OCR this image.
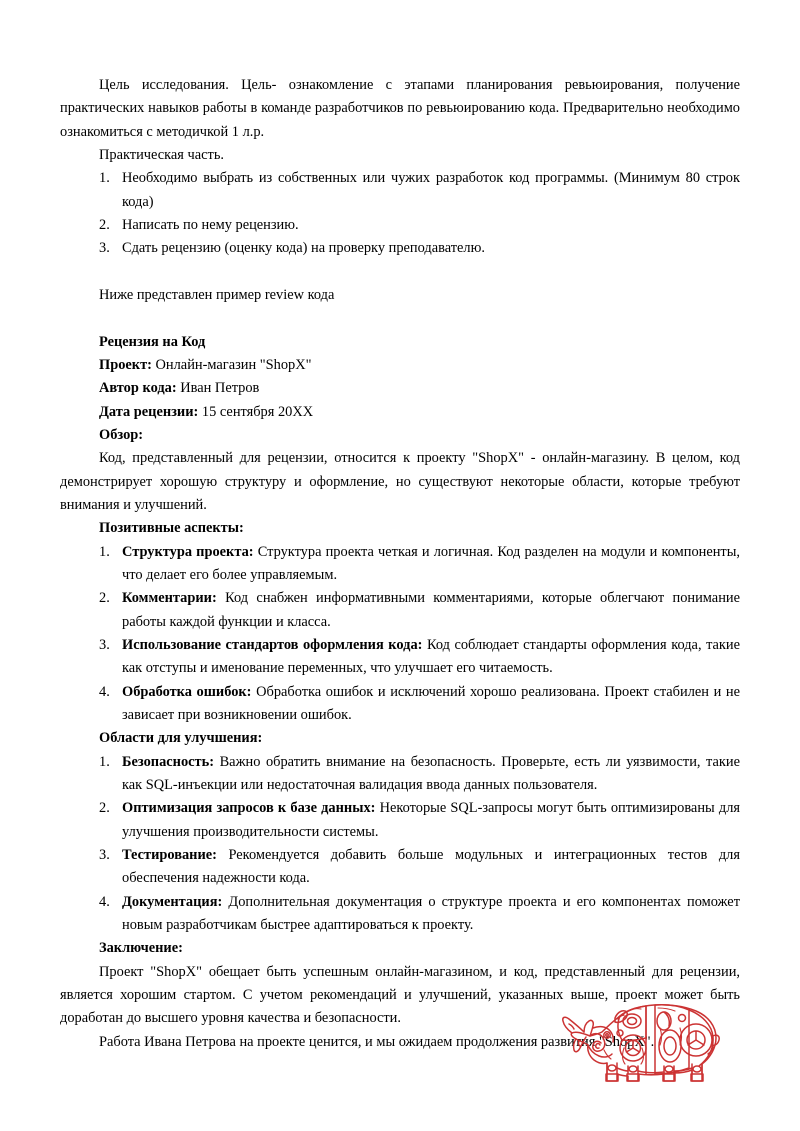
Цель исследования. Цель- ознакомление с этапами планирования ревьюирования, получение практических навыков работы в команде разработчиков по ревьюированию кода. Предварительно необходимо ознакомиться с методичкой 1 л.р.

Практическая часть.

Необходимо выбрать из собственных или чужих разработок код программы. (Минимум 80 строк кода)
Написать по нему рецензию.
Сдать рецензию (оценку кода) на проверку преподавателю.

Ниже представлен пример review кода

Рецензия на Код

Проект: Онлайн-магазин "ShopX"

Автор кода: Иван Петров

Дата рецензии: 15 сентября 20XX

Обзор:

Код, представленный для рецензии, относится к проекту "ShopX" - онлайн-магазину. В целом, код демонстрирует хорошую структуру и оформление, но существуют некоторые области, которые требуют внимания и улучшений.

Позитивные аспекты:

Структура проекта: Структура проекта четкая и логичная. Код разделен на модули и компоненты, что делает его более управляемым.
Комментарии: Код снабжен информативными комментариями, которые облегчают понимание работы каждой функции и класса.
Использование стандартов оформления кода: Код соблюдает стандарты оформления кода, такие как отступы и именование переменных, что улучшает его читаемость.
Обработка ошибок: Обработка ошибок и исключений хорошо реализована. Проект стабилен и не зависает при возникновении ошибок.

Области для улучшения:

Безопасность: Важно обратить внимание на безопасность. Проверьте, есть ли уязвимости, такие как SQL-инъекции или недостаточная валидация ввода данных пользователя.
Оптимизация запросов к базе данных: Некоторые SQL-запросы могут быть оптимизированы для улучшения производительности системы.
Тестирование: Рекомендуется добавить больше модульных и интеграционных тестов для обеспечения надежности кода.
Документация: Дополнительная документация о структуре проекта и его компонентах поможет новым разработчикам быстрее адаптироваться к проекту.

Заключение:

Проект "ShopX" обещает быть успешным онлайн-магазином, и код, представленный для рецензии, является хорошим стартом. С учетом рекомендаций и улучшений, указанных выше, проект может быть доработан до высшего уровня качества и безопасности.

Работа Ивана Петрова на проекте ценится, и мы ожидаем продолжения развития "ShopX".
